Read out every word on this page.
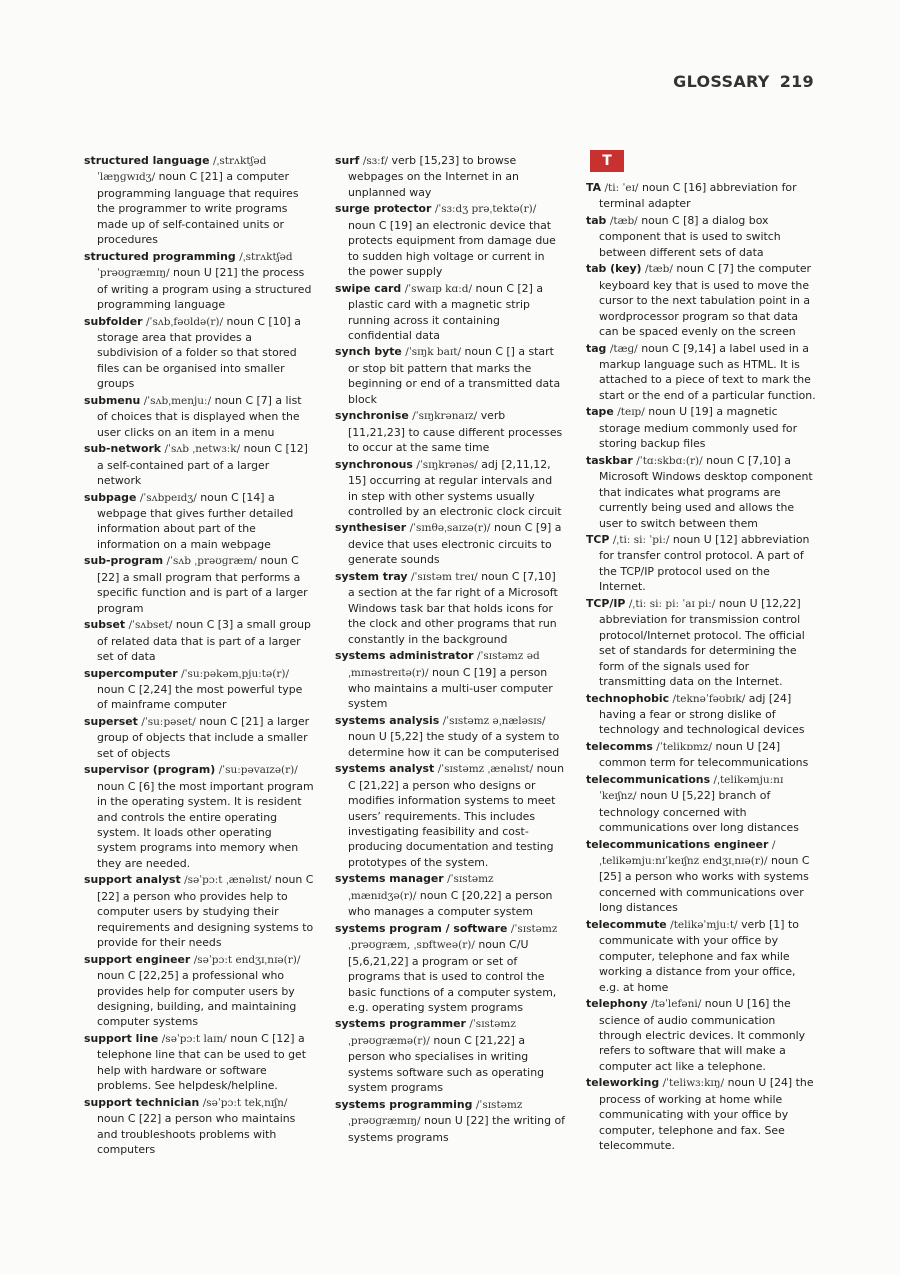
GLOSSARY 219
T

structured language /ˌstrʌktʃəd ˈlæŋɡwɪdʒ/ noun C [21] a computer programming language that requires the programmer to write programs made up of self-contained units or procedures

structured programming /ˌstrʌktʃəd ˈprəʊɡræmɪŋ/ noun U [21] the process of writing a program using a structured programming language

subfolder /ˈsʌbˌfəʊldə(r)/ noun C [10] a storage area that provides a subdivision of a folder so that stored files can be organised into smaller groups

submenu /ˈsʌbˌmenjuː/ noun C [7] a list of choices that is displayed when the user clicks on an item in a menu

sub-network /ˈsʌb ˌnetwɜːk/ noun C [12] a self-contained part of a larger network

subpage /ˈsʌbpeɪdʒ/ noun C [14] a webpage that gives further detailed information about part of the information on a main webpage

sub-program /ˈsʌb ˌprəʊɡræm/ noun C [22] a small program that performs a specific function and is part of a larger program

subset /ˈsʌbset/ noun C [3] a small group of related data that is part of a larger set of data

supercomputer /ˈsuːpəkəmˌpjuːtə(r)/ noun C [2,24] the most powerful type of mainframe computer

superset /ˈsuːpəset/ noun C [21] a larger group of objects that include a smaller set of objects

supervisor (program) /ˈsuːpəvaɪzə(r)/ noun C [6] the most important program in the operating system. It is resident and controls the entire operating system. It loads other operating system programs into memory when they are needed.

support analyst /səˈpɔːt ˌænəlɪst/ noun C [22] a person who provides help to computer users by studying their requirements and designing systems to provide for their needs

support engineer /səˈpɔːt endʒɪˌnɪə(r)/ noun C [22,25] a professional who provides help for computer users by designing, building, and maintaining computer systems

support line /səˈpɔːt laɪn/ noun C [12] a telephone line that can be used to get help with hardware or software problems. See helpdesk/helpline.

support technician /səˈpɔːt tekˌnɪʃn/ noun C [22] a person who maintains and troubleshoots problems with computers

surf /sɜːf/ verb [15,23] to browse webpages on the Internet in an unplanned way

surge protector /ˈsɜːdʒ prəˌtektə(r)/ noun C [19] an electronic device that protects equipment from damage due to sudden high voltage or current in the power supply

swipe card /ˈswaɪp kɑːd/ noun C [2] a plastic card with a magnetic strip running across it containing confidential data

synch byte /ˈsɪŋk baɪt/ noun C [] a start or stop bit pattern that marks the beginning or end of a transmitted data block

synchronise /ˈsɪŋkrənaɪz/ verb [11,21,23] to cause different processes to occur at the same time

synchronous /ˈsɪŋkrənəs/ adj [2,11,12, 15] occurring at regular intervals and in step with other systems usually controlled by an electronic clock circuit

synthesiser /ˈsɪnθəˌsaɪzə(r)/ noun C [9] a device that uses electronic circuits to generate sounds

system tray /ˈsɪstəm treɪ/ noun C [7,10] a section at the far right of a Microsoft Windows task bar that holds icons for the clock and other programs that run constantly in the background

systems administrator /ˈsɪstəmz ədˌmɪnəstreɪtə(r)/ noun C [19] a person who maintains a multi-user computer system

systems analysis /ˈsɪstəmz əˌnæləsɪs/ noun U [5,22] the study of a system to determine how it can be computerised

systems analyst /ˈsɪstəmz ˌænəlɪst/ noun C [21,22] a person who designs or modifies information systems to meet users’ requirements. This includes investigating feasibility and cost-producing documentation and testing prototypes of the system.

systems manager /ˈsɪstəmz ˌmænɪdʒə(r)/ noun C [20,22] a person who manages a computer system

systems program / software /ˈsɪstəmz ˌprəʊɡræm, ˌsɒftweə(r)/ noun C/U [5,6,21,22] a program or set of programs that is used to control the basic functions of a computer system, e.g. operating system programs

systems programmer /ˈsɪstəmz ˌprəʊɡræmə(r)/ noun C [21,22] a person who specialises in writing systems software such as operating system programs

systems programming /ˈsɪstəmz ˌprəʊɡræmɪŋ/ noun U [22] the writing of systems programs

TA /tiː ˈeɪ/ noun C [16] abbreviation for terminal adapter

tab /tæb/ noun C [8] a dialog box component that is used to switch between different sets of data

tab (key) /tæb/ noun C [7] the computer keyboard key that is used to move the cursor to the next tabulation point in a wordprocessor program so that data can be spaced evenly on the screen

tag /tæɡ/ noun C [9,14] a label used in a markup language such as HTML. It is attached to a piece of text to mark the start or the end of a particular function.

tape /teɪp/ noun U [19] a magnetic storage medium commonly used for storing backup files

taskbar /ˈtɑːskbɑː(r)/ noun C [7,10] a Microsoft Windows desktop component that indicates what programs are currently being used and allows the user to switch between them

TCP /ˌtiː siː ˈpiː/ noun U [12] abbreviation for transfer control protocol. A part of the TCP/IP protocol used on the Internet.

TCP/IP /ˌtiː siː piː ˈaɪ piː/ noun U [12,22] abbreviation for transmission control protocol/Internet protocol. The official set of standards for determining the form of the signals used for transmitting data on the Internet.

technophobic /teknəˈfəʊbɪk/ adj [24] having a fear or strong dislike of technology and technological devices

telecomms /ˈtelikɒmz/ noun U [24] common term for telecommunications

telecommunications /ˌtelikəmjuːnɪˈkeɪʃnz/ noun U [5,22] branch of technology concerned with communications over long distances

telecommunications engineer /ˌtelikəmjuːnɪˈkeɪʃnz endʒɪˌnɪə(r)/ noun C [25] a person who works with systems concerned with communications over long distances

telecommute /telikəˈmjuːt/ verb [1] to communicate with your office by computer, telephone and fax while working a distance from your office, e.g. at home

telephony /təˈlefəni/ noun U [16] the science of audio communication through electric devices. It commonly refers to software that will make a computer act like a telephone.

teleworking /ˈteliwɜːkɪŋ/ noun U [24] the process of working at home while communicating with your office by computer, telephone and fax. See telecommute.
